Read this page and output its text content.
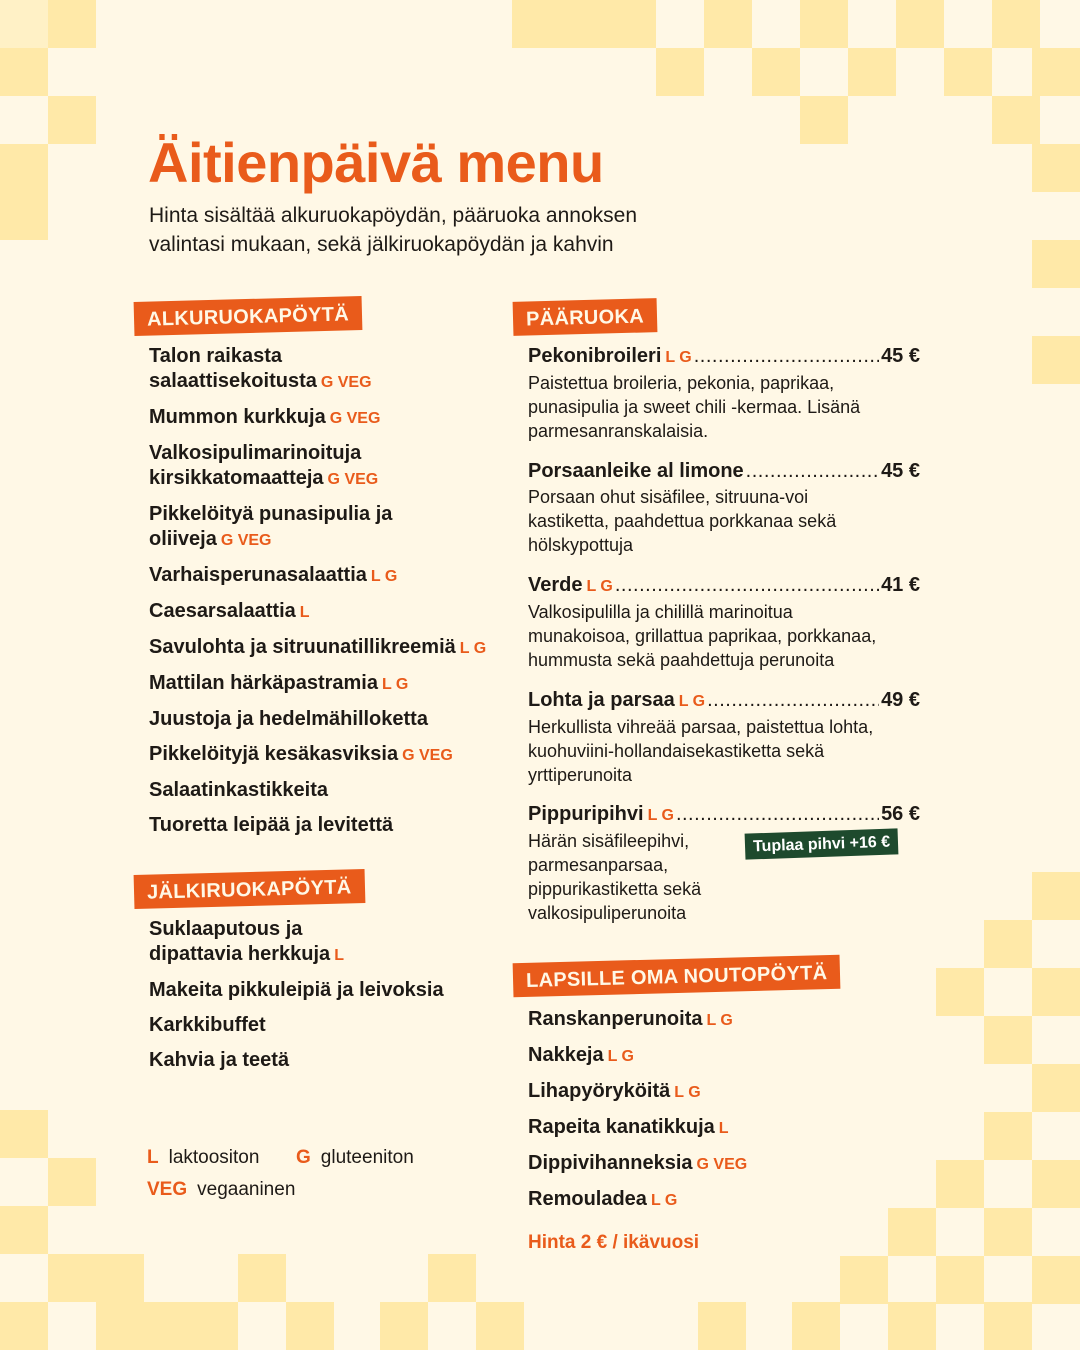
Äitienpäivä menu

Hinta sisältää alkuruokapöydän, pääruoka annoksen
valintasi mukaan, sekä jälkiruokapöydän ja kahvin

ALKURUOKAPÖYTÄ
Talon raikasta
salaattisekoitusta G VEG
Mummon kurkkuja G VEG
Valkosipulimarinoituja
kirsikkatomaatteja G VEG
Pikkelöityä punasipulia ja
oliiveja G VEG
Varhaisperunasalaattia L G
Caesarsalaattia L
Savulohta ja sitruunatillikreemiä L G
Mattilan härkäpastramia L G
Juustoja ja hedelmähilloketta
Pikkelöityjä kesäkasviksia G VEG
Salaatinkastikkeita
Tuoretta leipää ja levitettä
JÄLKIRUOKAPÖYTÄ
Suklaaputous ja
dipattavia herkkuja L
Makeita pikkuleipiä ja leivoksia
Karkkibuffet
Kahvia ja teetä
L laktoositon G gluteeniton
VEG vegaaninen
PÄÄRUOKA
Pekonibroileri L G .....	45 €

Paistettua broileria, pekonia, paprikaa,
punasipulia ja sweet chili -kermaa. Lisänä
parmesanranskalaisia.

Porsaanleike al limone .....	45 €

Porsaan ohut sisäfilee, sitruuna-voi
kastiketta, paahdettua porkkanaa sekä
hölskypottuja

Verde L G .....	41 €

Valkosipulilla ja chilillä marinoitua
munakoisoa, grillattua paprikaa, porkkanaa,
hummusta sekä paahdettuja perunoita

Lohta ja parsaa L G .....	49 €

Herkullista vihreää parsaa, paistettua lohta,
kuohuviini-hollandaisekastiketta sekä
yrttiperunoita

Pippuripihvi L G .....	56 €

Härän sisäfileepihvi,
parmesanparsaa,
pippurikastiketta sekä
valkosipuliperunoita

Tuplaa pihvi +16 €
LAPSILLE OMA NOUTOPÖYTÄ
Ranskanperunoita L G
Nakkeja L G
Lihapyöryköitä L G
Rapeita kanatikkuja L
Dippivihanneksia G VEG
Remouladea L G
Hinta 2 € / ikävuosi
